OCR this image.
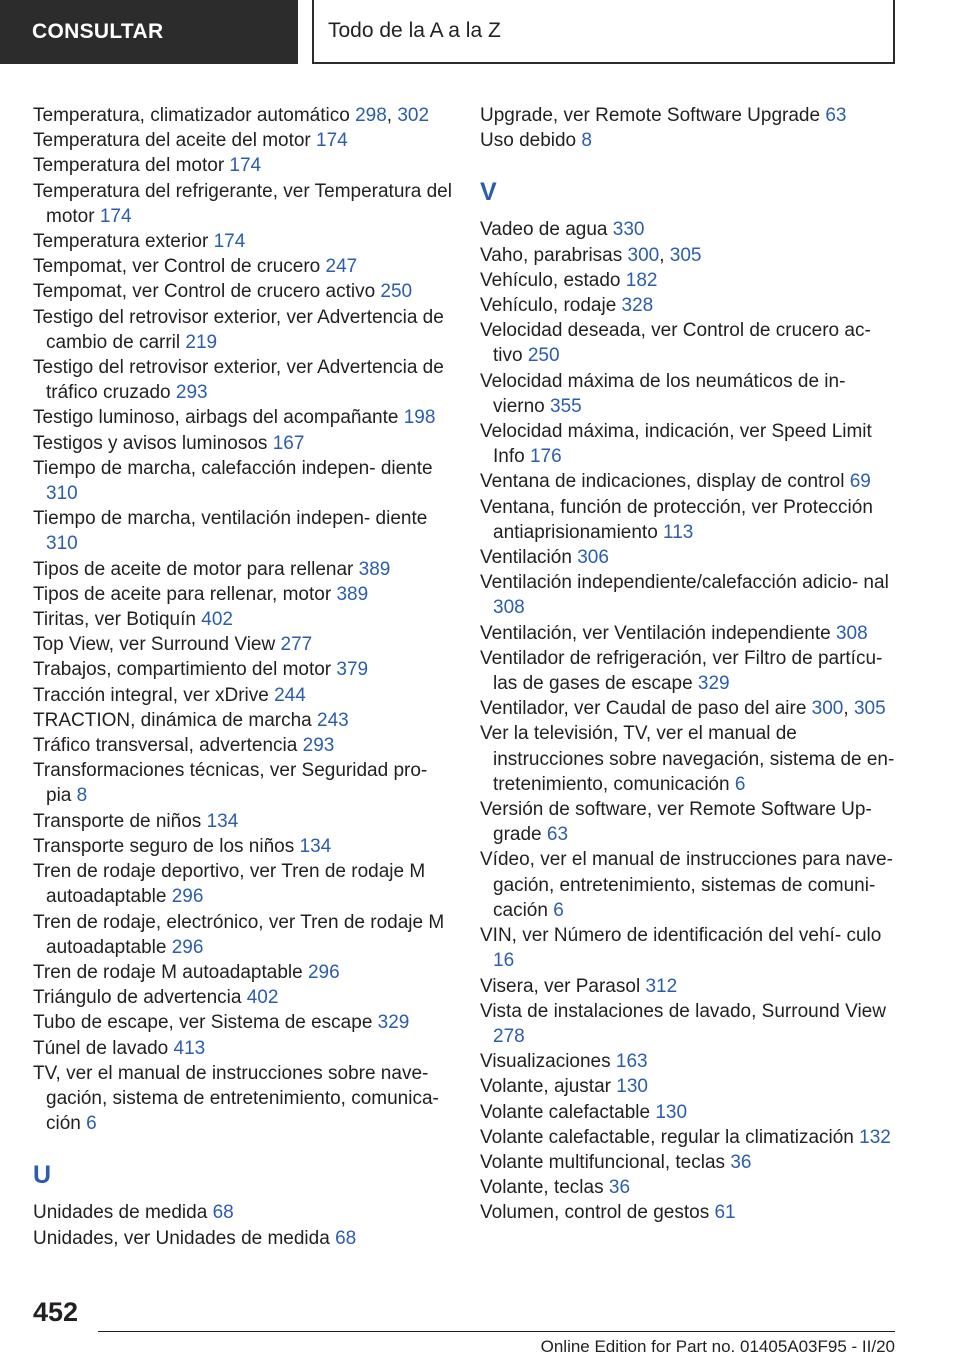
CONSULTAR	Todo de la A a la Z

Temperatura, climatizador automático 298, 302

Temperatura del aceite del motor 174

Temperatura del motor 174

Temperatura del refrigerante, ver Temperatura del motor 174

Temperatura exterior 174

Tempomat, ver Control de crucero 247

Tempomat, ver Control de crucero activo 250

Testigo del retrovisor exterior, ver Advertencia de cambio de carril 219

Testigo del retrovisor exterior, ver Advertencia de tráfico cruzado 293

Testigo luminoso, airbags del acompañante 198

Testigos y avisos luminosos 167

Tiempo de marcha, calefacción indepen‐ diente 310

Tiempo de marcha, ventilación indepen‐ diente 310

Tipos de aceite de motor para rellenar 389

Tipos de aceite para rellenar, motor 389

Tiritas, ver Botiquín 402

Top View, ver Surround View 277

Trabajos, compartimiento del motor 379

Tracción integral, ver xDrive 244

TRACTION, dinámica de marcha 243

Tráfico transversal, advertencia 293

Transformaciones técnicas, ver Seguridad pro‐ pia 8

Transporte de niños 134

Transporte seguro de los niños 134

Tren de rodaje deportivo, ver Tren de rodaje M autoadaptable 296

Tren de rodaje, electrónico, ver Tren de rodaje M autoadaptable 296

Tren de rodaje M autoadaptable 296

Triángulo de advertencia 402

Tubo de escape, ver Sistema de escape 329

Túnel de lavado 413

TV, ver el manual de instrucciones sobre nave‐ gación, sistema de entretenimiento, comunica‐ ción 6

U

Unidades de medida 68

Unidades, ver Unidades de medida 68

Upgrade, ver Remote Software Upgrade 63

Uso debido 8

V

Vadeo de agua 330

Vaho, parabrisas 300, 305

Vehículo, estado 182

Vehículo, rodaje 328

Velocidad deseada, ver Control de crucero ac‐ tivo 250

Velocidad máxima de los neumáticos de in‐ vierno 355

Velocidad máxima, indicación, ver Speed Limit Info 176

Ventana de indicaciones, display de control 69

Ventana, función de protección, ver Protección antiaprisionamiento 113

Ventilación 306

Ventilación independiente/calefacción adicio‐ nal 308

Ventilación, ver Ventilación independiente 308

Ventilador de refrigeración, ver Filtro de partícu‐ las de gases de escape 329

Ventilador, ver Caudal de paso del aire 300, 305

Ver la televisión, TV, ver el manual de instrucciones sobre navegación, sistema de en‐ tretenimiento, comunicación 6

Versión de software, ver Remote Software Up‐ grade 63

Vídeo, ver el manual de instrucciones para nave‐ gación, entretenimiento, sistemas de comuni‐ cación 6

VIN, ver Número de identificación del vehí‐ culo 16

Visera, ver Parasol 312

Vista de instalaciones de lavado, Surround View 278

Visualizaciones 163

Volante, ajustar 130

Volante calefactable 130

Volante calefactable, regular la climatización 132

Volante multifuncional, teclas 36

Volante, teclas 36

Volumen, control de gestos 61

452
Online Edition for Part no. 01405A03F95 - II/20
